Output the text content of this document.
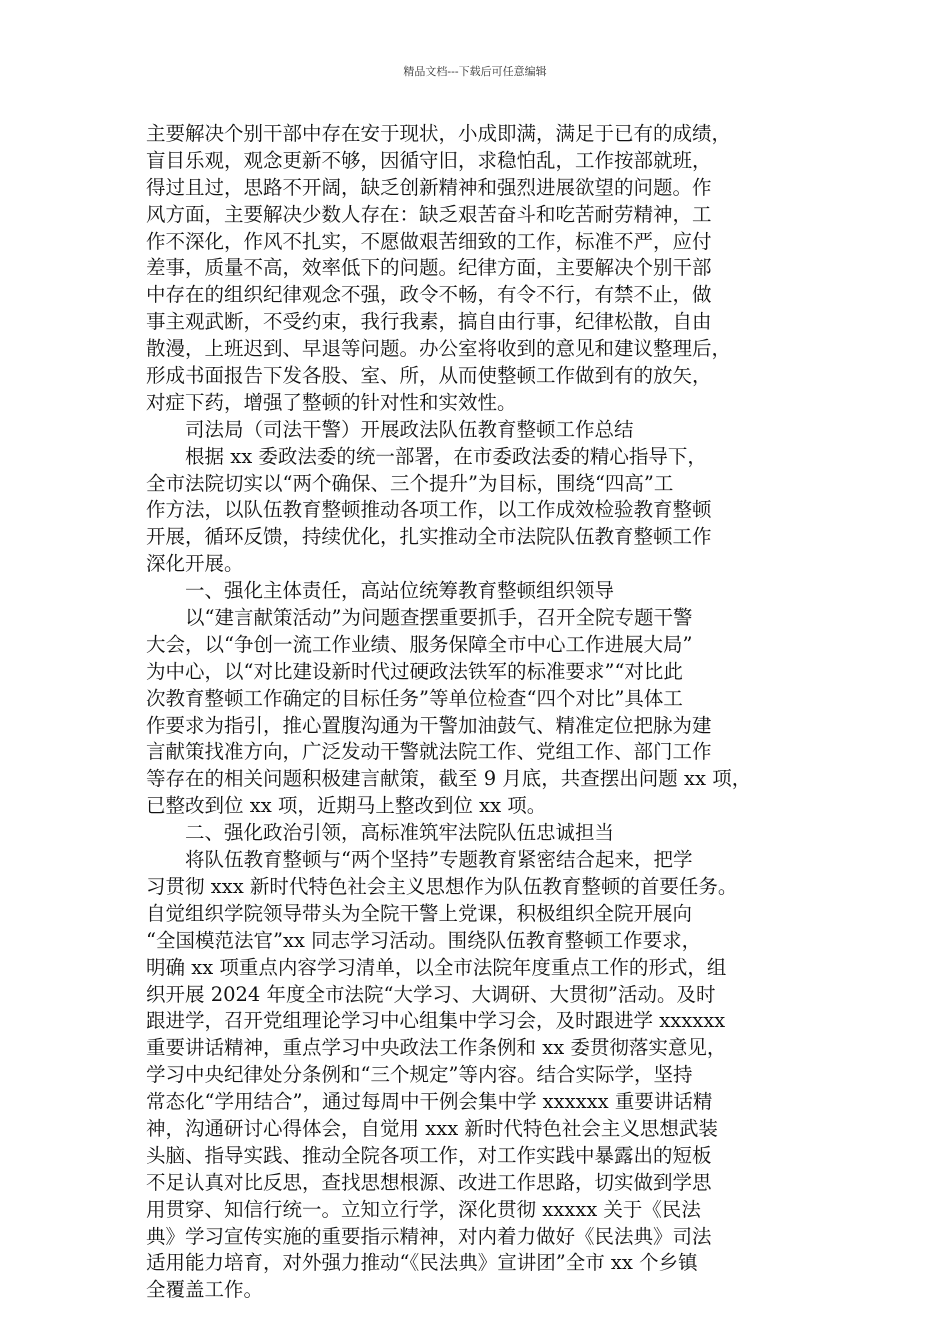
精品文档---下载后可任意编辑
主要解决个别干部中存在安于现状，小成即满，满足于已有的成绩，
盲目乐观，观念更新不够，因循守旧，求稳怕乱，工作按部就班，
得过且过，思路不开阔，缺乏创新精神和强烈进展欲望的问题。作
风方面，主要解决少数人存在：缺乏艰苦奋斗和吃苦耐劳精神，工
作不深化，作风不扎实，不愿做艰苦细致的工作，标准不严，应付
差事，质量不高，效率低下的问题。纪律方面，主要解决个别干部
中存在的组织纪律观念不强，政令不畅，有令不行，有禁不止，做
事主观武断，不受约束，我行我素，搞自由行事，纪律松散，自由
散漫，上班迟到、早退等问题。办公室将收到的意见和建议整理后，
形成书面报告下发各股、室、所，从而使整顿工作做到有的放矢，
对症下药，增强了整顿的针对性和实效性。
司法局（司法干警）开展政法队伍教育整顿工作总结
根据 xx 委政法委的统一部署，在市委政法委的精心指导下，
全市法院切实以“两个确保、三个提升”为目标，围绕“四高”工
作方法，以队伍教育整顿推动各项工作，以工作成效检验教育整顿
开展，循环反馈，持续优化，扎实推动全市法院队伍教育整顿工作
深化开展。
一、强化主体责任，高站位统筹教育整顿组织领导
以“建言献策活动”为问题查摆重要抓手，召开全院专题干警
大会，以“争创一流工作业绩、服务保障全市中心工作进展大局”
为中心，以“对比建设新时代过硬政法铁军的标准要求”“对比此
次教育整顿工作确定的目标任务”等单位检查“四个对比”具体工
作要求为指引，推心置腹沟通为干警加油鼓气、精准定位把脉为建
言献策找准方向，广泛发动干警就法院工作、党组工作、部门工作
等存在的相关问题积极建言献策，截至 9 月底，共查摆出问题 xx 项，
已整改到位 xx 项，近期马上整改到位 xx 项。
二、强化政治引领，高标准筑牢法院队伍忠诚担当
将队伍教育整顿与“两个坚持”专题教育紧密结合起来，把学
习贯彻 xxx 新时代特色社会主义思想作为队伍教育整顿的首要任务。
自觉组织学院领导带头为全院干警上党课，积极组织全院开展向
“全国模范法官”xx 同志学习活动。围绕队伍教育整顿工作要求，
明确 xx 项重点内容学习清单，以全市法院年度重点工作的形式，组
织开展 2024 年度全市法院“大学习、大调研、大贯彻”活动。及时
跟进学，召开党组理论学习中心组集中学习会，及时跟进学 xxxxxx
重要讲话精神，重点学习中央政法工作条例和 xx 委贯彻落实意见，
学习中央纪律处分条例和“三个规定”等内容。结合实际学，坚持
常态化“学用结合”，通过每周中干例会集中学 xxxxxx 重要讲话精
神，沟通研讨心得体会，自觉用 xxx 新时代特色社会主义思想武装
头脑、指导实践、推动全院各项工作，对工作实践中暴露出的短板
不足认真对比反思，查找思想根源、改进工作思路，切实做到学思
用贯穿、知信行统一。立知立行学，深化贯彻 xxxxx 关于《民法
典》学习宣传实施的重要指示精神，对内着力做好《民法典》司法
适用能力培育，对外强力推动“《民法典》宣讲团”全市 xx 个乡镇
全覆盖工作。
